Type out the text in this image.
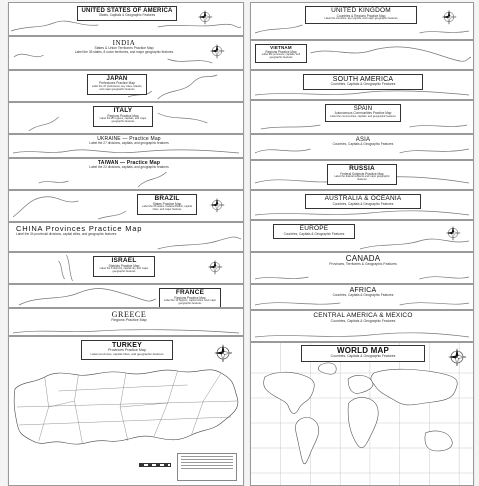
UNITED STATES OF AMERICA
States, Capitals & Geographic Features
INDIA
States & Union Territories Practice Map
Label the 36 states, 8 union territories, and major geographic features
JAPAN
Prefectures Practice Map
Label the 47 prefectures, key cities, islands, and major geographic features
ITALY
Regions Practice Map
Label the 20 regions, capitals, and major geographic features
UKRAINE — Practice Map
Label the 27 divisions, capitals, and geographic features
TAIWAN — Practice Map
Label the 22 divisions, capitals, and geographic features
BRAZIL
States Practice Map
Label the 26 states, Federal District, capital cities, and major features
CHINA Provinces Practice Map
Label the 34 provincial divisions, capital cities, and geographic features
ISRAEL
Districts Practice Map
Label the 6 districts, capital city, and major geographic features
FRANCE
Regions Practice Map
Label the 13 regions, capital cities, and major geographic features
GREECE
Regions Practice Map
TURKEY
Provinces Practice Map
Label provinces, capital cities, and geographic features
UNITED KINGDOM
Countries & Regions Practice Map
Label the countries, key regions, and major geographic features
VIETNAM
Regions Practice Map
Label the provinces, capitals, and geographic features
SOUTH AMERICA
Countries, Capitals & Geographic Features
SPAIN
Autonomous Communities Practice Map
Label the communities, capitals, and geographic features
ASIA
Countries, Capitals & Geographic Features
RUSSIA
Federal Subjects Practice Map
Label the federal subjects and major geographic features
AUSTRALIA & OCEANIA
Countries, Capitals & Geographic Features
EUROPE
Countries, Capitals & Geographic Features
CANADA
Provinces, Territories & Geographic Features
AFRICA
Countries, Capitals & Geographic Features
CENTRAL AMERICA & MEXICO
Countries, Capitals & Geographic Features
WORLD MAP
Countries, Capitals & Geographic Features
